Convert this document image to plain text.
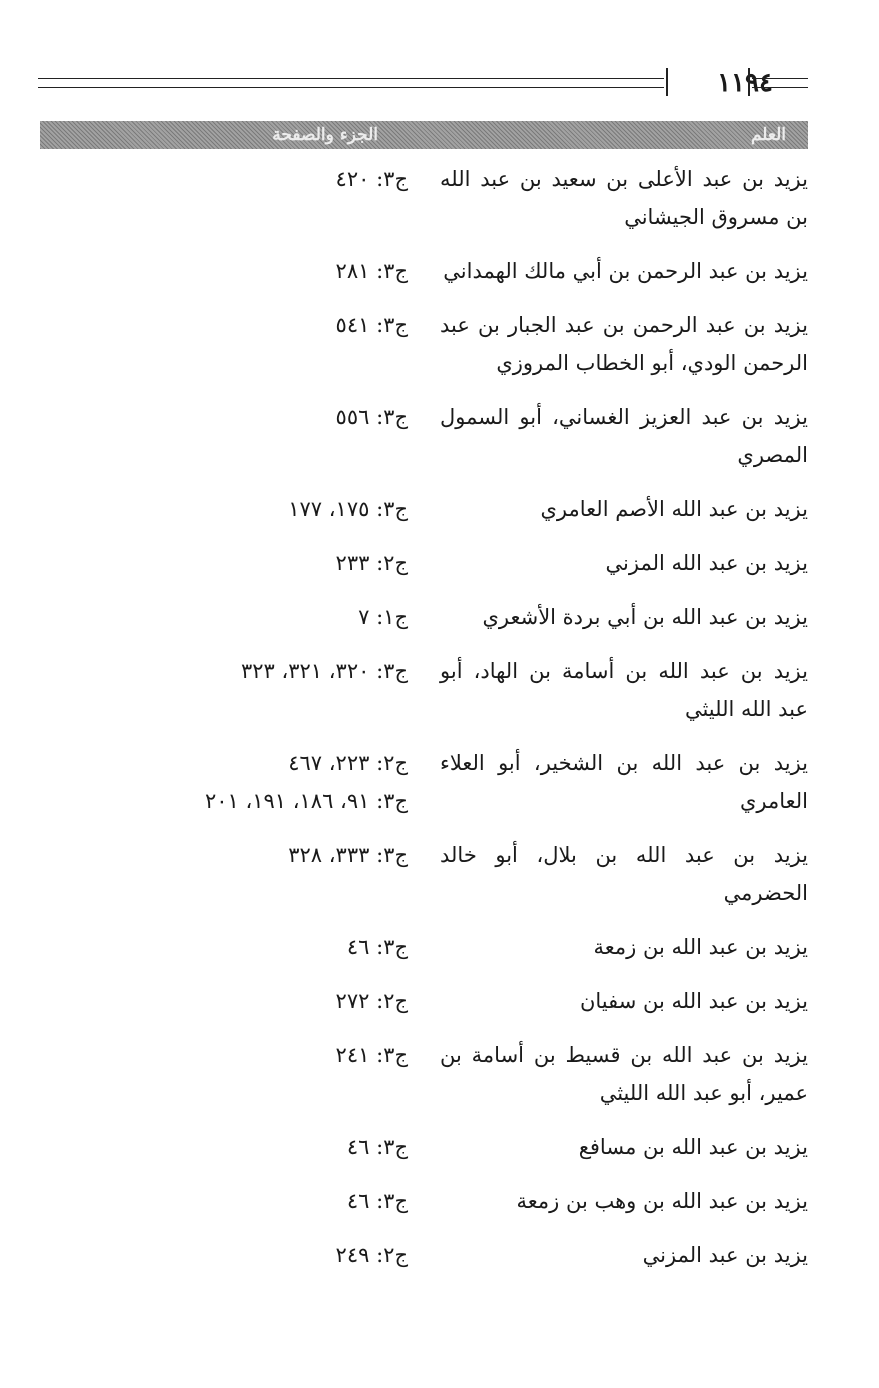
١١٩٤
العلم
الجزء والصفحة
يزيد بن عبد الأعلى بن سعيد بن عبد الله بن مسروق الجيشاني
ج٣: ٤٢٠
يزيد بن عبد الرحمن بن أبي مالك الهمداني
ج٣: ٢٨١
يزيد بن عبد الرحمن بن عبد الجبار بن عبد الرحمن الودي، أبو الخطاب المروزي
ج٣: ٥٤١
يزيد بن عبد العزيز الغساني، أبو السمول المصري
ج٣: ٥٥٦
يزيد بن عبد الله الأصم العامري
ج٣: ١٧٥، ١٧٧
يزيد بن عبد الله المزني
ج٢: ٢٣٣
يزيد بن عبد الله بن أبي بردة الأشعري
ج١: ٧
يزيد بن عبد الله بن أسامة بن الهاد، أبو عبد الله الليثي
ج٣: ٣٢٠، ٣٢١، ٣٢٣
يزيد بن عبد الله بن الشخير، أبو العلاء العامري
ج٢: ٢٢٣، ٤٦٧
ج٣: ٩١، ١٨٦، ١٩١، ٢٠١
يزيد بن عبد الله بن بلال، أبو خالد الحضرمي
ج٣: ٣٣٣، ٣٢٨
يزيد بن عبد الله بن زمعة
ج٣: ٤٦
يزيد بن عبد الله بن سفيان
ج٢: ٢٧٢
يزيد بن عبد الله بن قسيط بن أسامة بن عمير، أبو عبد الله الليثي
ج٣: ٢٤١
يزيد بن عبد الله بن مسافع
ج٣: ٤٦
يزيد بن عبد الله بن وهب بن زمعة
ج٣: ٤٦
يزيد بن عبد المزني
ج٢: ٢٤٩
